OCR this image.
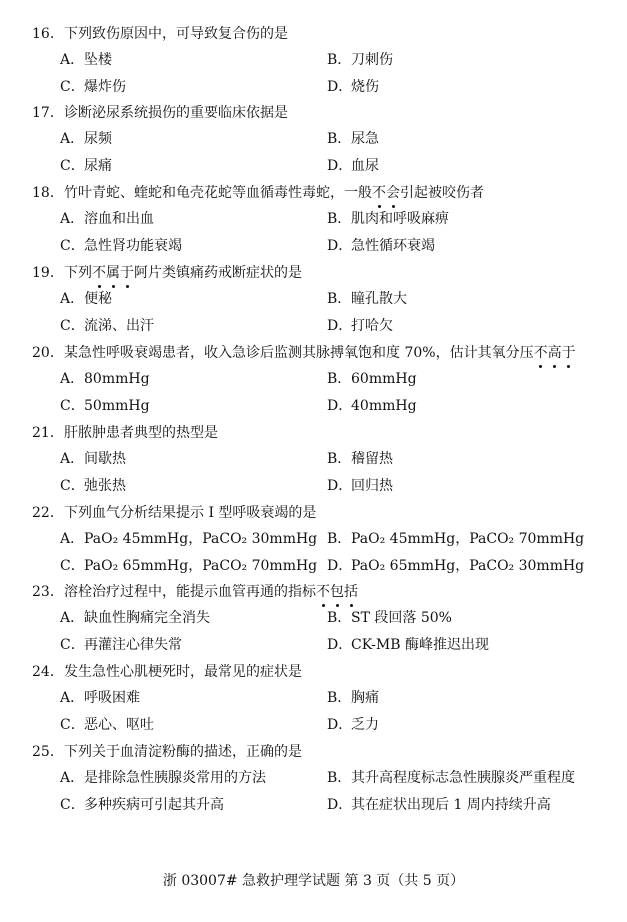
16．下列致伤原因中，可导致复合伤的是
A．坠楼	B．刀刺伤
C．爆炸伤	D．烧伤
17．诊断泌尿系统损伤的重要临床依据是
A．尿频	B．尿急
C．尿痛	D．血尿
18．竹叶青蛇、蝰蛇和龟壳花蛇等血循毒性毒蛇，一般不会引起被咬伤者
A．溶血和出血	B．肌肉和呼吸麻痹
C．急性肾功能衰竭	D．急性循环衰竭
19．下列不属于阿片类镇痛药戒断症状的是
A．便秘	B．瞳孔散大
C．流涕、出汗	D．打哈欠
20．某急性呼吸衰竭患者，收入急诊后监测其脉搏氧饱和度 70%，估计其氧分压不高于
A．80mmHg	B．60mmHg
C．50mmHg	D．40mmHg
21．肝脓肿患者典型的热型是
A．间歇热	B．稽留热
C．弛张热	D．回归热
22．下列血气分析结果提示 I 型呼吸衰竭的是
A．PaO₂ 45mmHg，PaCO₂ 30mmHg B．PaO₂ 45mmHg，PaCO₂ 70mmHg
C．PaO₂ 65mmHg，PaCO₂ 70mmHg D．PaO₂ 65mmHg，PaCO₂ 30mmHg
23．溶栓治疗过程中，能提示血管再通的指标不包括
A．缺血性胸痛完全消失	B．ST 段回落 50%
C．再灌注心律失常	D．CK-MB 酶峰推迟出现
24．发生急性心肌梗死时，最常见的症状是
A．呼吸困难	B．胸痛
C．恶心、呕吐	D．乏力
25．下列关于血清淀粉酶的描述，正确的是
A．是排除急性胰腺炎常用的方法	B．其升高程度标志急性胰腺炎严重程度
C．多种疾病可引起其升高	D．其在症状出现后 1 周内持续升高
浙 03007# 急救护理学试题 第 3 页（共 5 页）
